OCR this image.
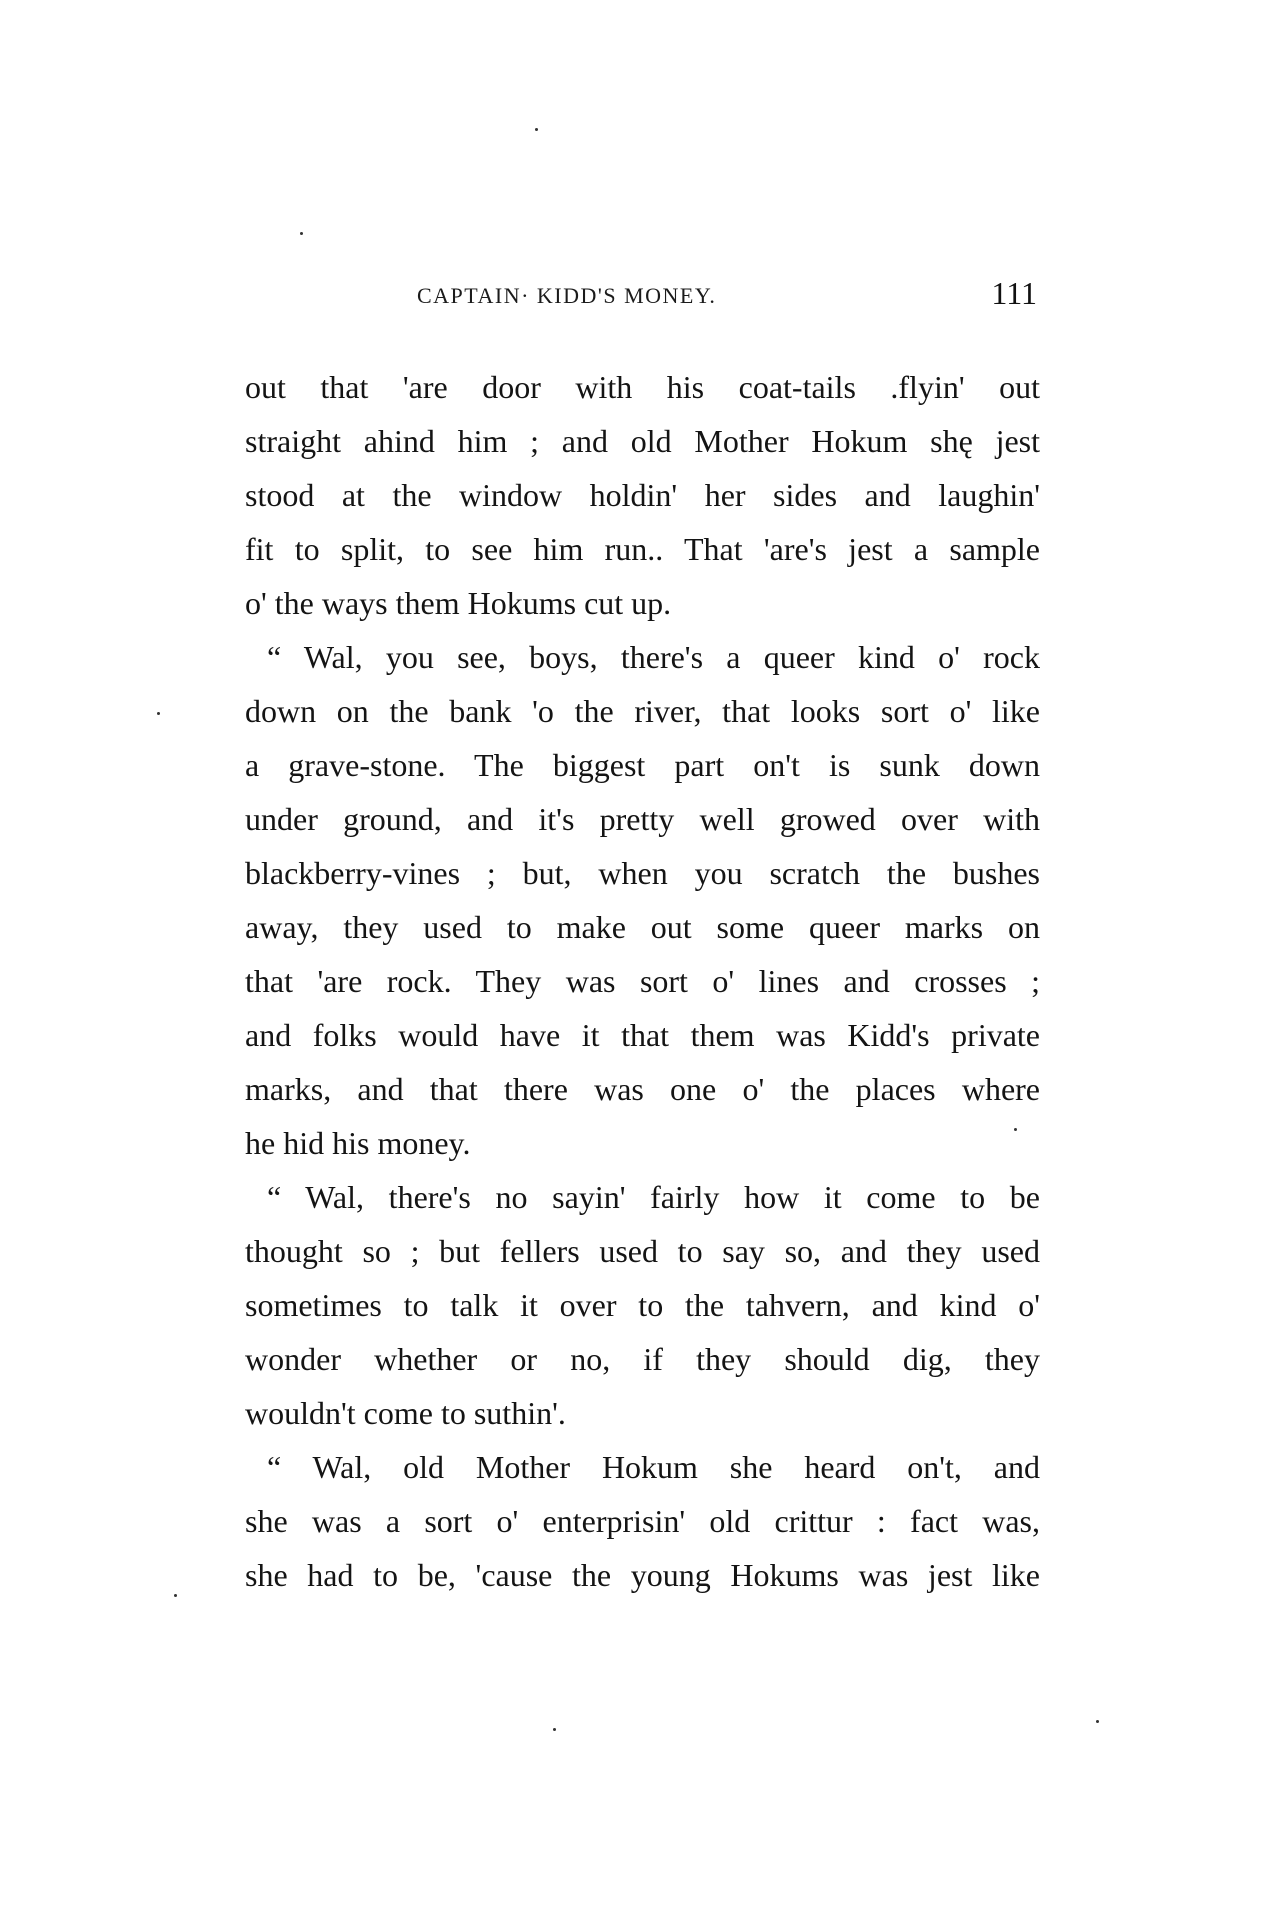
CAPTAIN· KIDD'S MONEY.	111

out that 'are door with his coat-tails .flyin' out
straight ahind him ; and old Mother Hokum shę jest
stood at the window holdin' her sides and laughin'
fit to split, to see him run.. That 'are's jest a sample
o' the ways them Hokums cut up.

“ Wal, you see, boys, there's a queer kind o' rock
down on the bank 'o the river, that looks sort o' like
a grave-stone. The biggest part on't is sunk down
under ground, and it's pretty well growed over with
blackberry-vines ; but, when you scratch the bushes
away, they used to make out some queer marks on
that 'are rock. They was sort o' lines and crosses ;
and folks would have it that them was Kidd's private
marks, and that there was one o' the places where
he hid his money.

“ Wal, there's no sayin' fairly how it come to be
thought so ; but fellers used to say so, and they used
sometimes to talk it over to the tahvern, and kind o'
wonder whether or no, if they should dig, they
wouldn't come to suthin'.

“ Wal, old Mother Hokum she heard on't, and
she was a sort o' enterprisin' old crittur : fact was,
she had to be, 'cause the young Hokums was jest like
